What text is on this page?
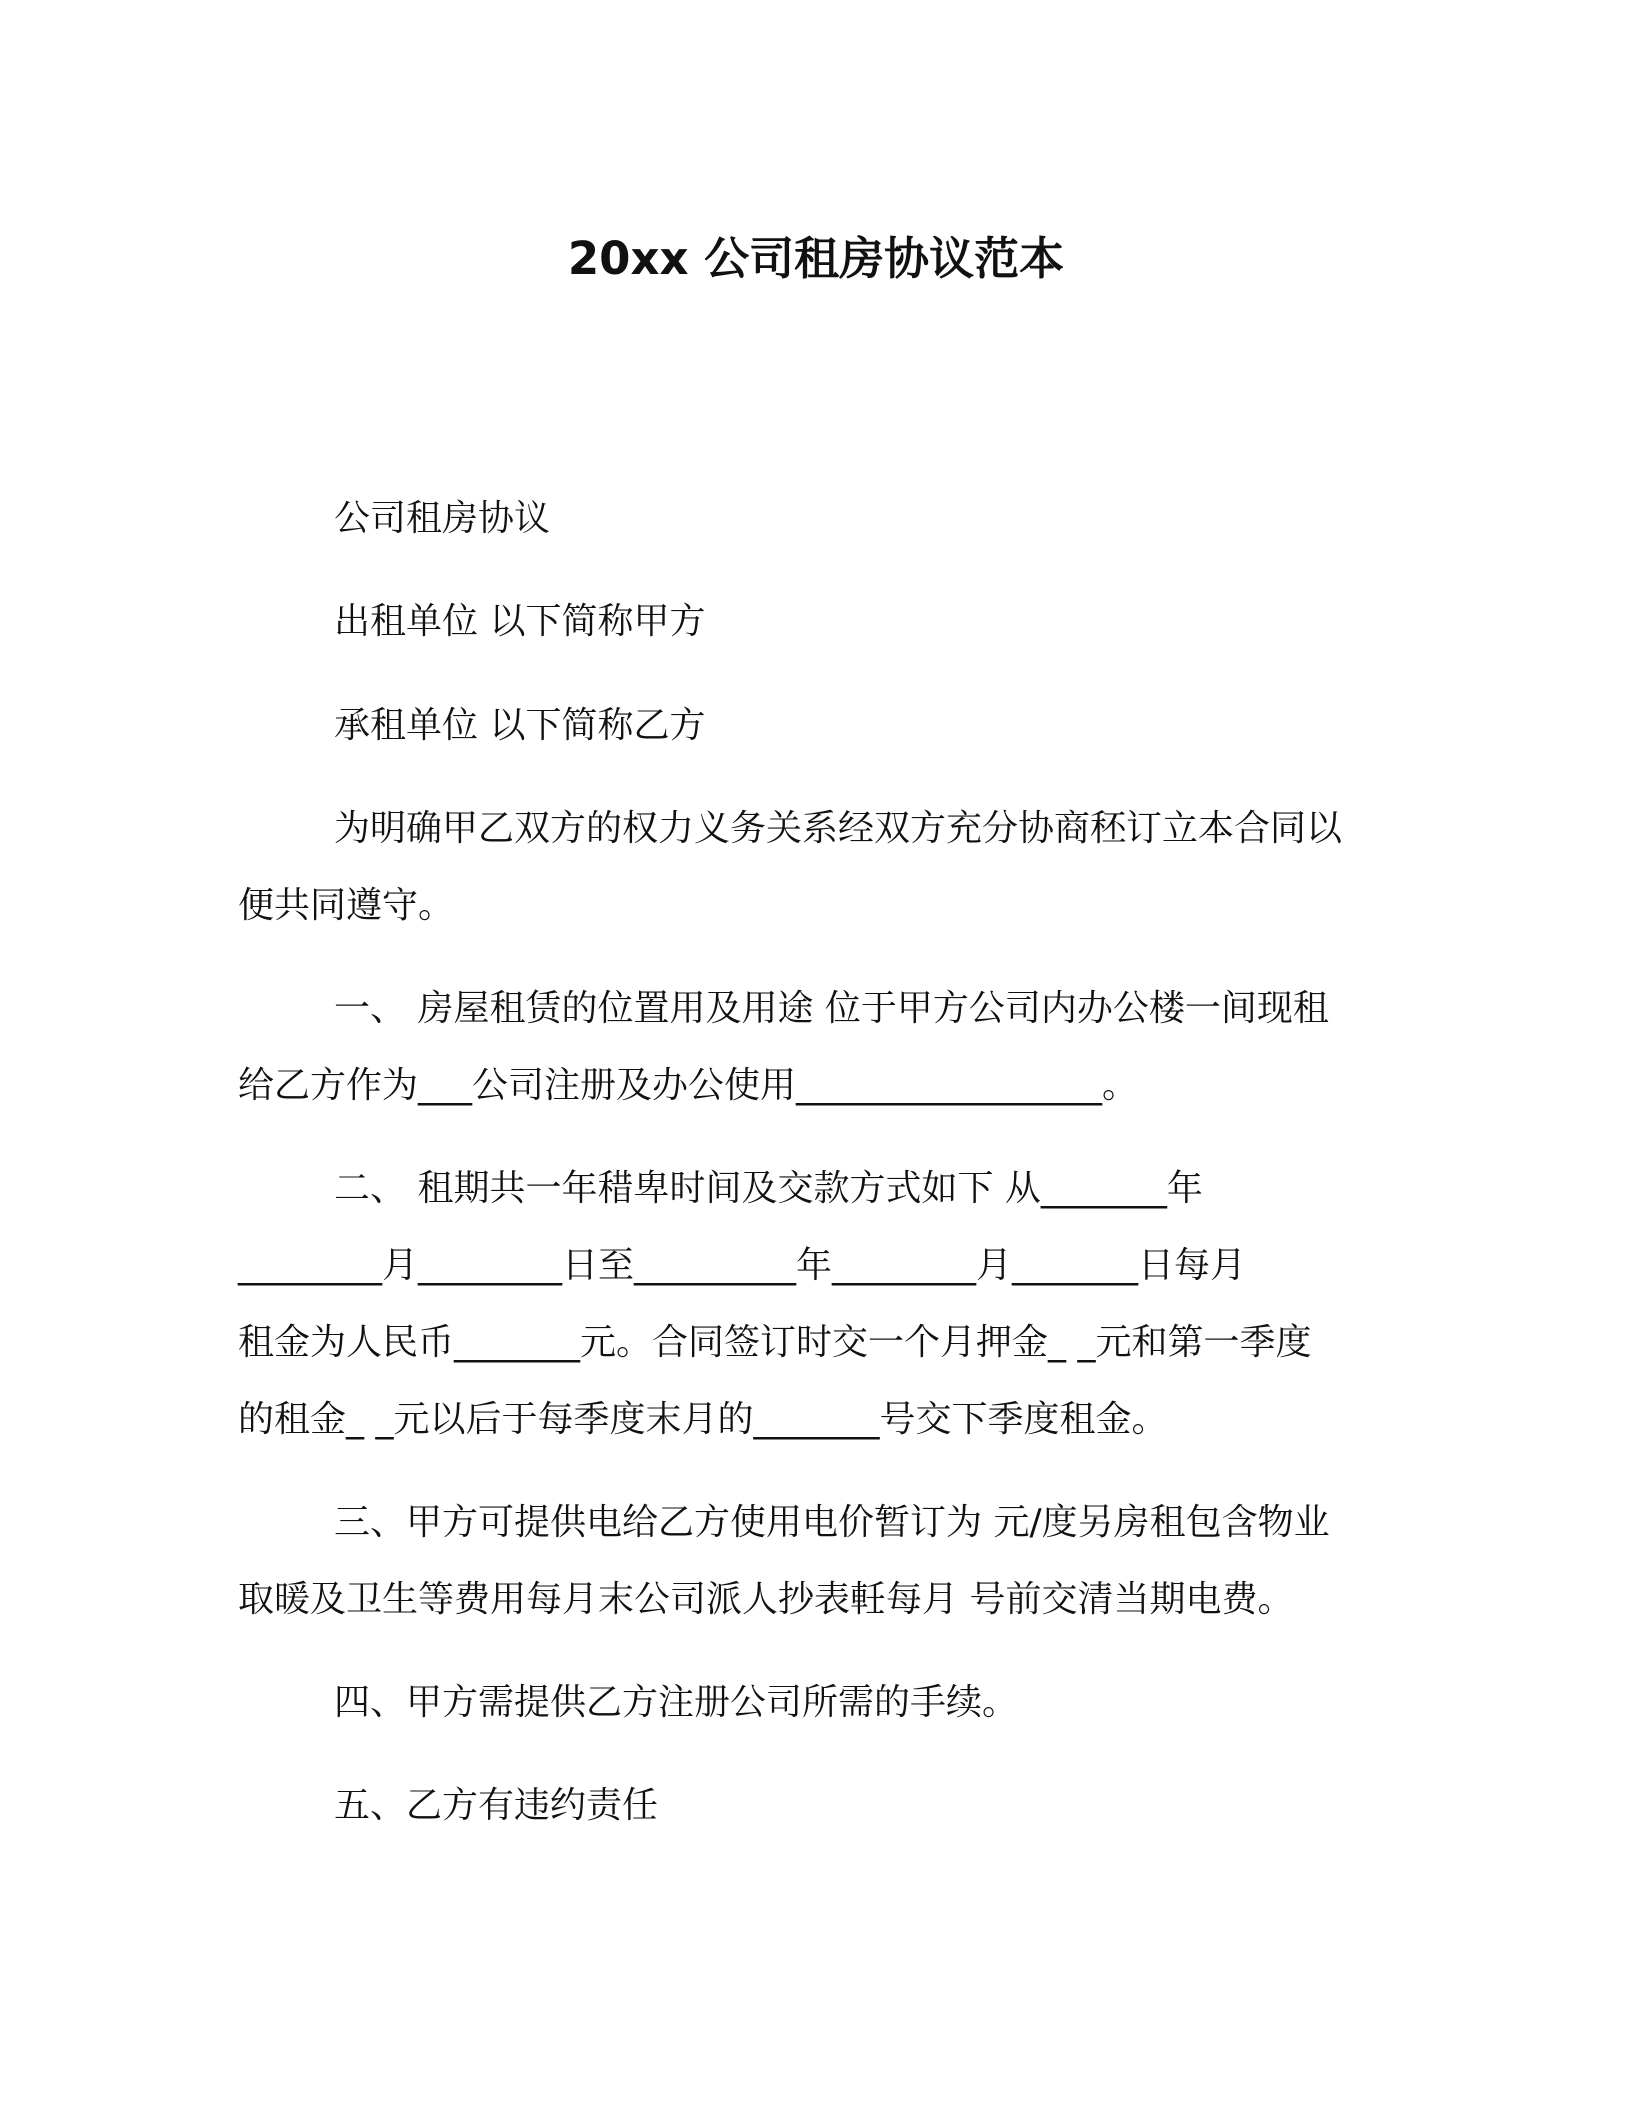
20xx 公司租房协议范本
公司租房协议
出租单位 以下简称甲方
承租单位 以下简称乙方
为明确甲乙双方的权力义务关系经双方充分协商秠订立本合同以
便共同遵守。
一、 房屋租赁的位置用及用途 位于甲方公司内办公楼一间现租
给乙方作为___公司注册及办公使用_________________。
二、 租期共一年稓卑时间及交款方式如下 从_______年
________月________日至_________年________月_______日每月
租金为人民币_______元。合同签订时交一个月押金_ _元和第一季度
的租金_ _元以后于每季度末月的_______号交下季度租金。
三、甲方可提供电给乙方使用电价暂订为 元/度另房租包含物业
取暖及卫生等费用每月末公司派人抄表軠每月 号前交清当期电费。
四、甲方需提供乙方注册公司所需的手续。
五、乙方有违约责任
